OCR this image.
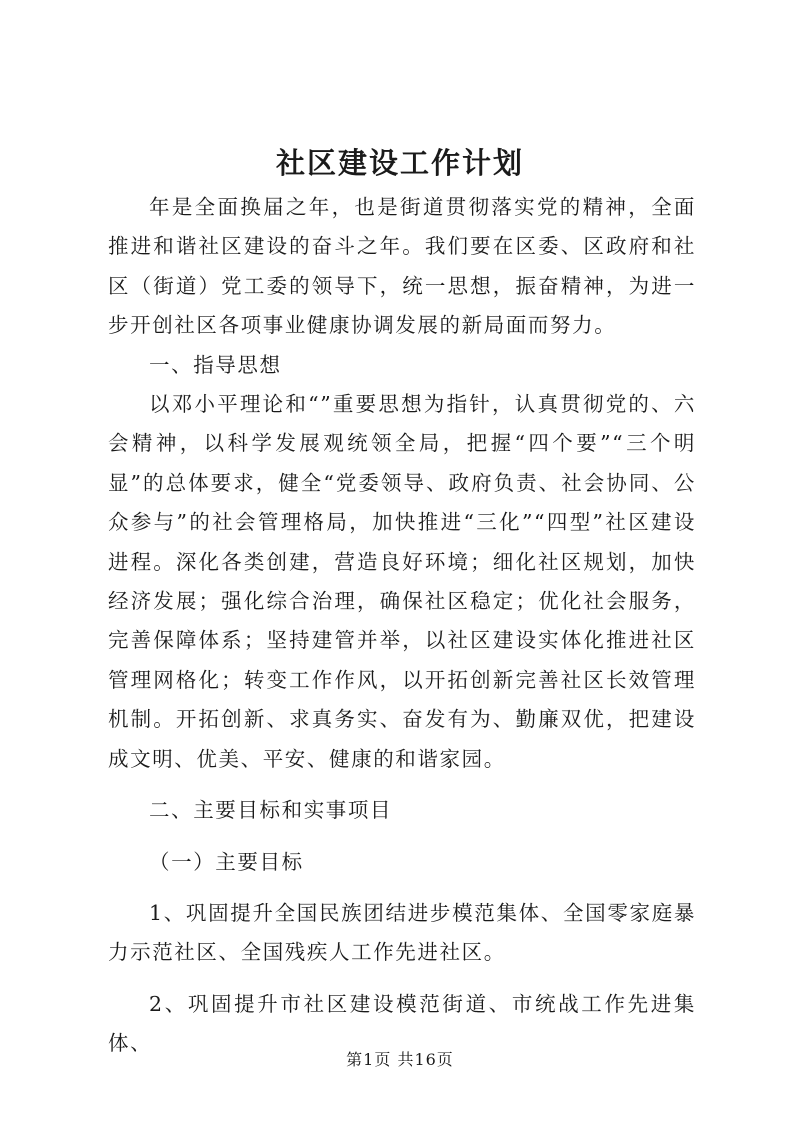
社区建设工作计划

年是全面换届之年，也是街道贯彻落实党的精神，全面推进和谐社区建设的奋斗之年。我们要在区委、区政府和社区（街道）党工委的领导下，统一思想，振奋精神，为进一步开创社区各项事业健康协调发展的新局面而努力。

一、指导思想

以邓小平理论和“”重要思想为指针，认真贯彻党的、六会精神，以科学发展观统领全局，把握“四个要”“三个明显”的总体要求，健全“党委领导、政府负责、社会协同、公众参与”的社会管理格局，加快推进“三化”“四型”社区建设进程。深化各类创建，营造良好环境；细化社区规划，加快经济发展；强化综合治理，确保社区稳定；优化社会服务，完善保障体系；坚持建管并举，以社区建设实体化推进社区管理网格化；转变工作作风，以开拓创新完善社区长效管理机制。开拓创新、求真务实、奋发有为、勤廉双优，把建设成文明、优美、平安、健康的和谐家园。

二、主要目标和实事项目

（一）主要目标

1、巩固提升全国民族团结进步模范集体、全国零家庭暴力示范社区、全国残疾人工作先进社区。

2、巩固提升市社区建设模范街道、市统战工作先进集体、

第1页 共16页
